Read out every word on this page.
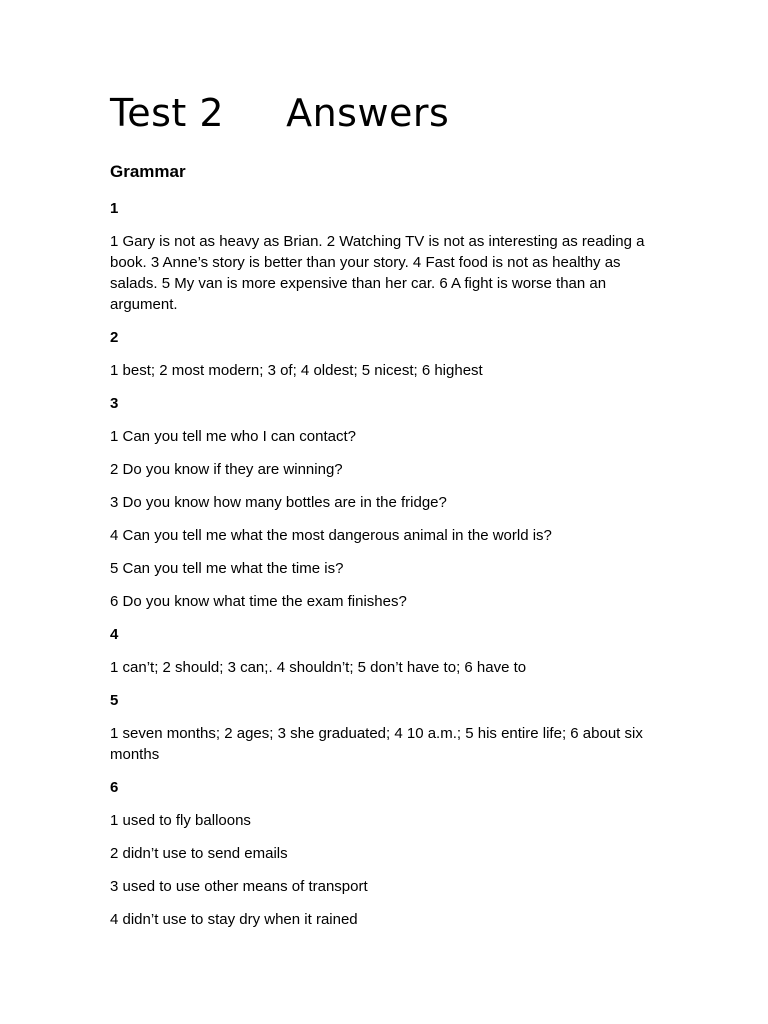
Test 2 Answers
Grammar
1
1 Gary is not as heavy as Brian. 2 Watching TV is not as interesting as reading a book. 3 Anne’s story is better than your story. 4 Fast food is not as healthy as salads. 5 My van is more expensive than her car. 6 A fight is worse than an argument.
2
1 best; 2 most modern; 3 of; 4 oldest; 5 nicest; 6 highest
3
1 Can you tell me who I can contact?
2 Do you know if they are winning?
3 Do you know how many bottles are in the fridge?
4 Can you tell me what the most dangerous animal in the world is?
5 Can you tell me what the time is?
6 Do you know what time the exam finishes?
4
1 can’t; 2 should; 3 can;. 4 shouldn’t; 5 don’t have to; 6 have to
5
1 seven months; 2 ages; 3 she graduated; 4 10 a.m.; 5 his entire life; 6 about six months
6
1 used to fly balloons
2 didn’t use to send emails
3 used to use other means of transport
4 didn’t use to stay dry when it rained
